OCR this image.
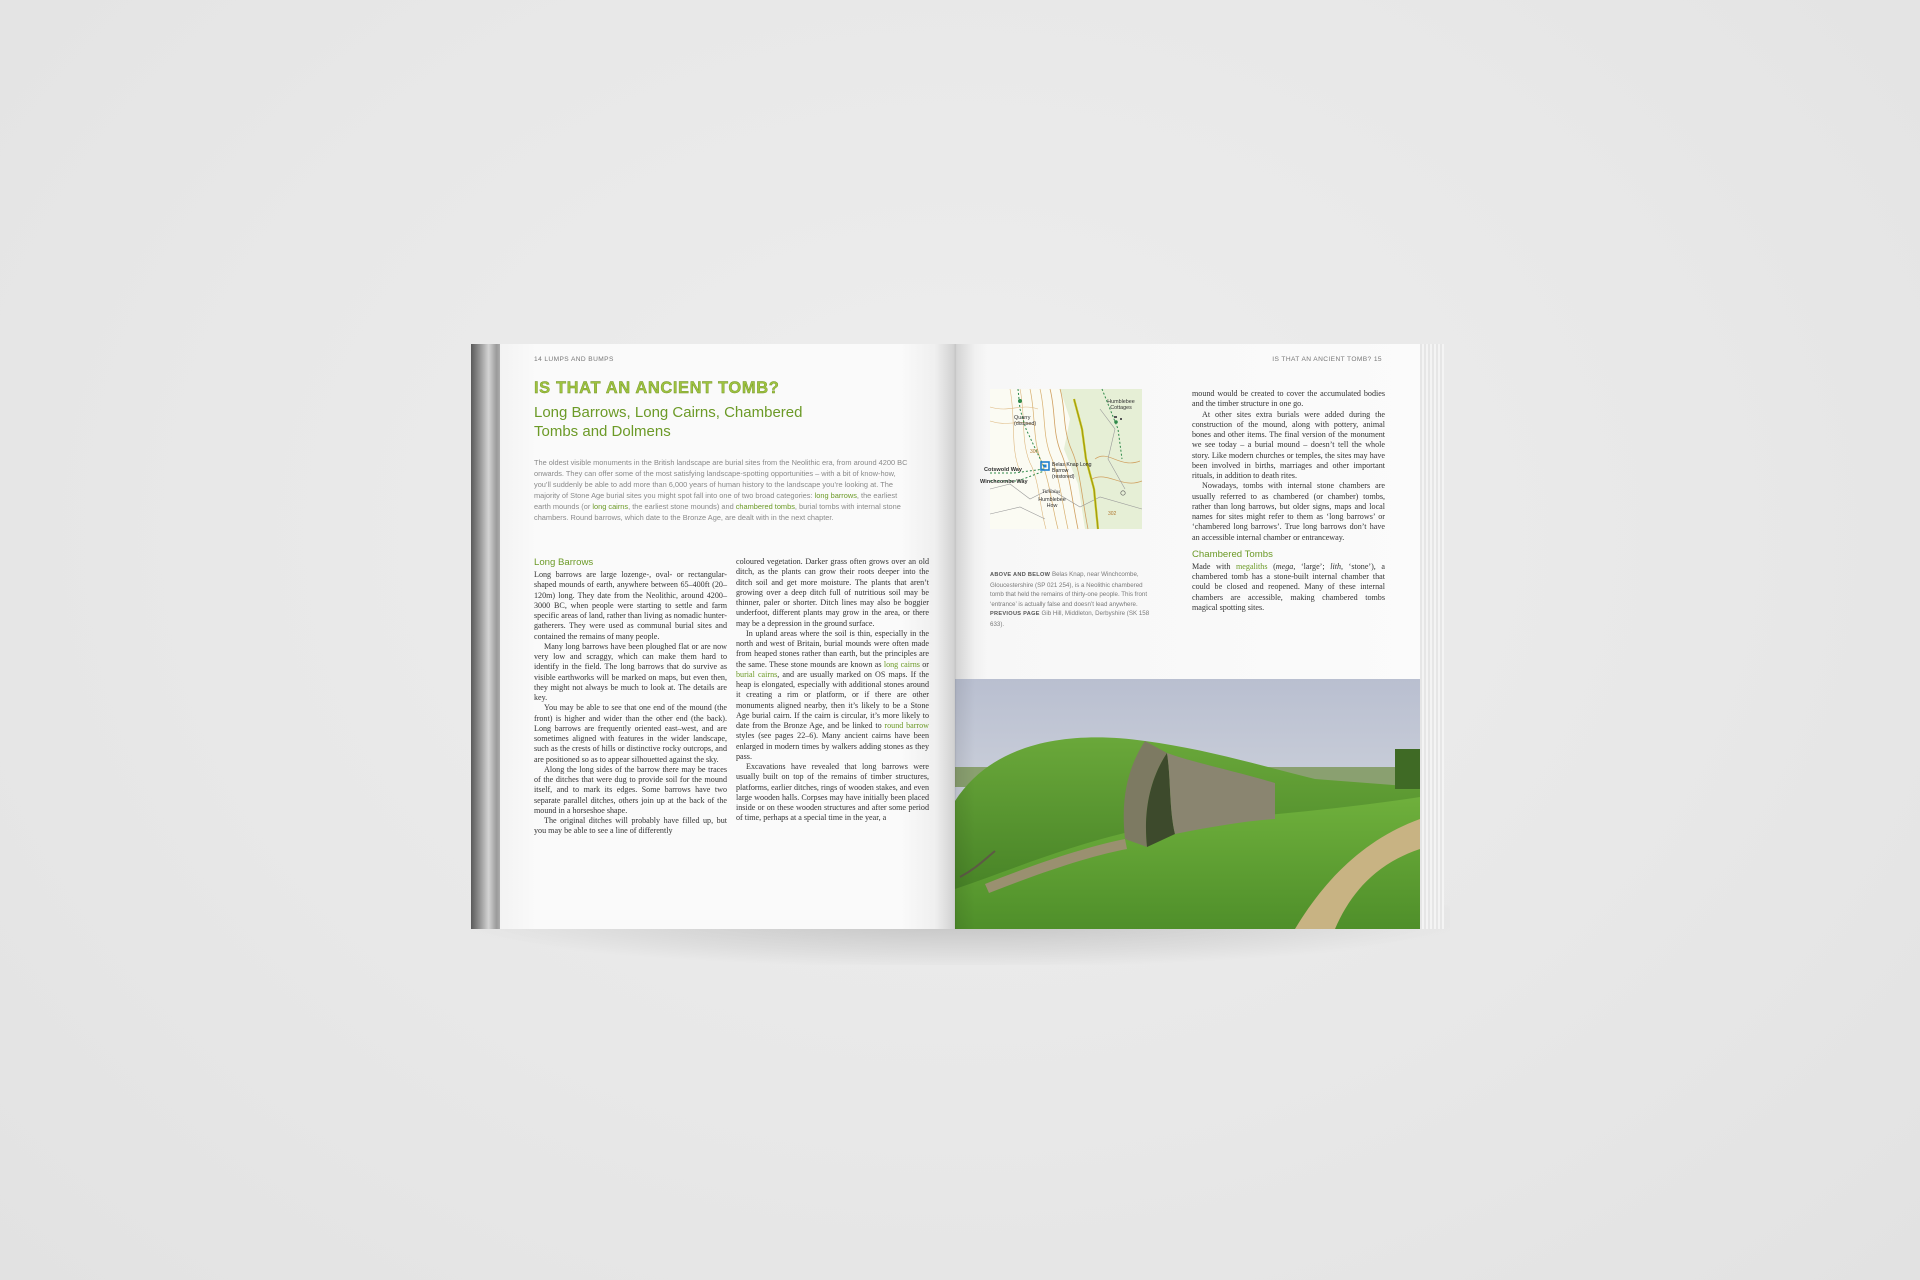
14 LUMPS AND BUMPS
IS THAT AN ANCIENT TOMB?
Long Barrows, Long Cairns, Chambered Tombs and Dolmens
The oldest visible monuments in the British landscape are burial sites from the Neolithic era, from around 4200 BC onwards. They can offer some of the most satisfying landscape-spotting opportunities – with a bit of know-how, you’ll suddenly be able to add more than 6,000 years of human history to the landscape you’re looking at. The majority of Stone Age burial sites you might spot fall into one of two broad categories: long barrows, the earliest earth mounds (or long cairns, the earliest stone mounds) and chambered tombs, burial tombs with internal stone chambers. Round barrows, which date to the Bronze Age, are dealt with in the next chapter.
Long Barrows

Long barrows are large lozenge-, oval- or rectangular-shaped mounds of earth, anywhere between 65–400ft (20–120m) long. They date from the Neolithic, around 4200–3000 BC, when people were starting to settle and farm specific areas of land, rather than living as nomadic hunter-gatherers. They were used as communal burial sites and contained the remains of many people.

Many long barrows have been ploughed flat or are now very low and scraggy, which can make them hard to identify in the field. The long barrows that do survive as visible earthworks will be marked on maps, but even then, they might not always be much to look at. The details are key.

You may be able to see that one end of the mound (the front) is higher and wider than the other end (the back). Long barrows are frequently oriented east–west, and are sometimes aligned with features in the wider landscape, such as the crests of hills or distinctive rocky outcrops, and are positioned so as to appear silhouetted against the sky.

Along the long sides of the barrow there may be traces of the ditches that were dug to provide soil for the mound itself, and to mark its edges. Some barrows have two separate parallel ditches, others join up at the back of the mound in a horseshoe shape.

The original ditches will probably have filled up, but you may be able to see a line of differently

coloured vegetation. Darker grass often grows over an old ditch, as the plants can grow their roots deeper into the ditch soil and get more moisture. The plants that aren’t growing over a deep ditch full of nutritious soil may be thinner, paler or shorter. Ditch lines may also be boggier underfoot, different plants may grow in the area, or there may be a depression in the ground surface.

In upland areas where the soil is thin, especially in the north and west of Britain, burial mounds were often made from heaped stones rather than earth, but the principles are the same. These stone mounds are known as long cairns or burial cairns, and are usually marked on OS maps. If the heap is elongated, especially with additional stones around it creating a rim or platform, or if there are other monuments aligned nearby, then it’s likely to be a Stone Age burial cairn. If the cairn is circular, it’s more likely to date from the Bronze Age, and be linked to round barrow styles (see pages 22–6). Many ancient cairns have been enlarged in modern times by walkers adding stones as they pass.

Excavations have revealed that long barrows were usually built on top of the remains of timber structures, platforms, earlier ditches, rings of wooden stakes, and even large wooden halls. Corpses may have initially been placed inside or on these wooden structures and after some period of time, perhaps at a special time in the year, a

IS THAT AN ANCIENT TOMB? 15
Humblebee Cottages
Quarry (disused)
Belas Knap Long Barrow (restored)
Tumulus
Humblebee How
Cotswold Way
Winchcombe Way
300
302
ABOVE AND BELOW Belas Knap, near Winchcombe, Gloucestershire (SP 021 254), is a Neolithic chambered tomb that held the remains of thirty-one people. This front ‘entrance’ is actually false and doesn’t lead anywhere.
PREVIOUS PAGE Gib Hill, Middleton, Derbyshire (SK 158 633).

mound would be created to cover the accumulated bodies and the timber structure in one go.

At other sites extra burials were added during the construction of the mound, along with pottery, animal bones and other items. The final version of the monument we see today – a burial mound – doesn’t tell the whole story. Like modern churches or temples, the sites may have been involved in births, marriages and other important rituals, in addition to death rites.

Nowadays, tombs with internal stone chambers are usually referred to as chambered (or chamber) tombs, rather than long barrows, but older signs, maps and local names for sites might refer to them as ‘long barrows’ or ‘chambered long barrows’. True long barrows don’t have an accessible internal chamber or entranceway.

Chambered Tombs

Made with megaliths (mega, ‘large’; lith, ‘stone’), a chambered tomb has a stone-built internal chamber that could be closed and reopened. Many of these internal chambers are accessible, making chambered tombs magical spotting sites.
